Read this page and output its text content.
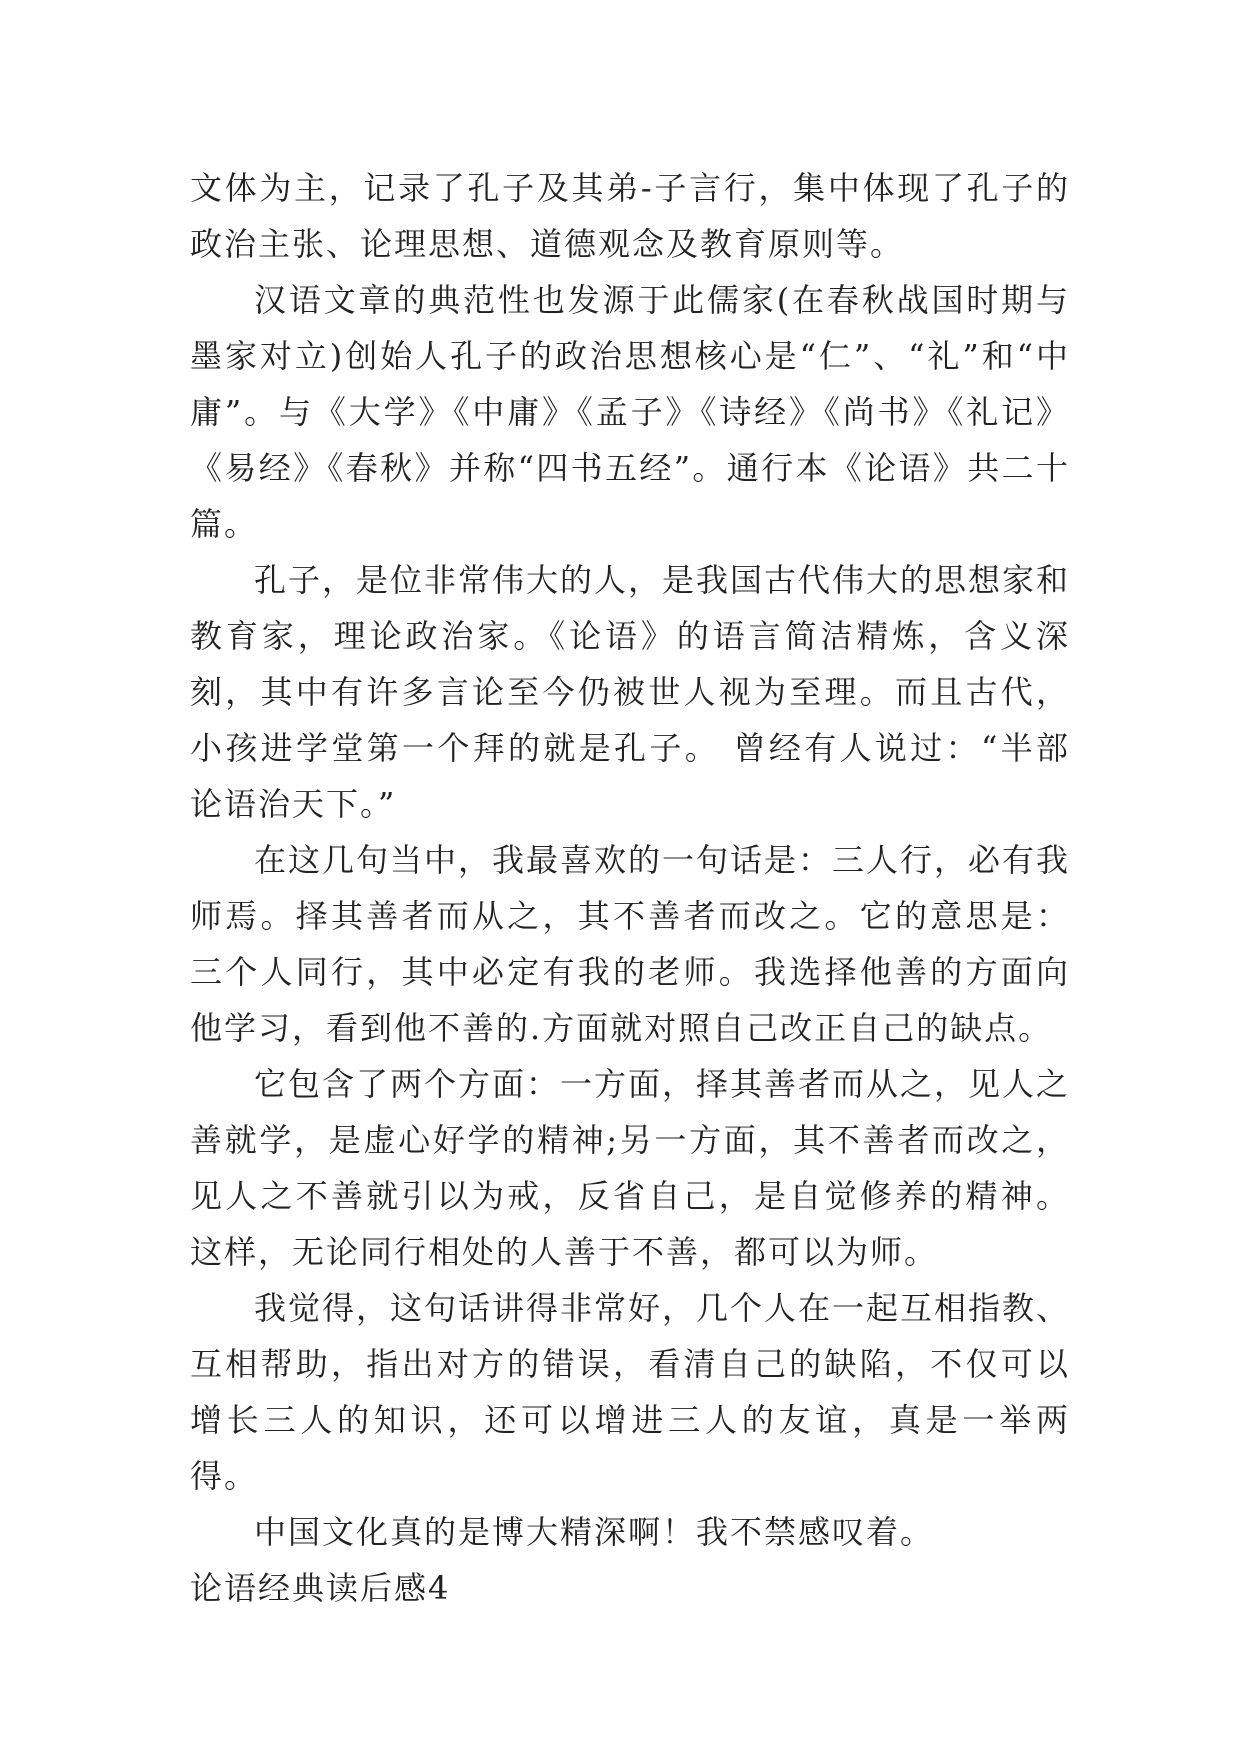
文体为主，记录了孔子及其弟-子言行，集中体现了孔子的政治主张、论理思想、道德观念及教育原则等。

汉语文章的典范性也发源于此儒家(在春秋战国时期与墨家对立)创始人孔子的政治思想核心是“仁”、“礼”和“中庸”。与《大学》《中庸》《孟子》《诗经》《尚书》《礼记》《易经》《春秋》并称“四书五经”。通行本《论语》共二十篇。

孔子，是位非常伟大的人，是我国古代伟大的思想家和教育家，理论政治家。《论语》的语言简洁精炼，含义深刻，其中有许多言论至今仍被世人视为至理。而且古代，小孩进学堂第一个拜的就是孔子。 曾经有人说过：“半部论语治天下。”

在这几句当中，我最喜欢的一句话是：三人行，必有我师焉。择其善者而从之，其不善者而改之。它的意思是：三个人同行，其中必定有我的老师。我选择他善的方面向他学习，看到他不善的.方面就对照自己改正自己的缺点。

它包含了两个方面：一方面，择其善者而从之，见人之善就学，是虚心好学的精神;另一方面，其不善者而改之，见人之不善就引以为戒，反省自己，是自觉修养的精神。这样，无论同行相处的人善于不善，都可以为师。

我觉得，这句话讲得非常好，几个人在一起互相指教、互相帮助，指出对方的错误，看清自己的缺陷，不仅可以增长三人的知识，还可以增进三人的友谊，真是一举两得。

中国文化真的是博大精深啊！我不禁感叹着。

论语经典读后感4
